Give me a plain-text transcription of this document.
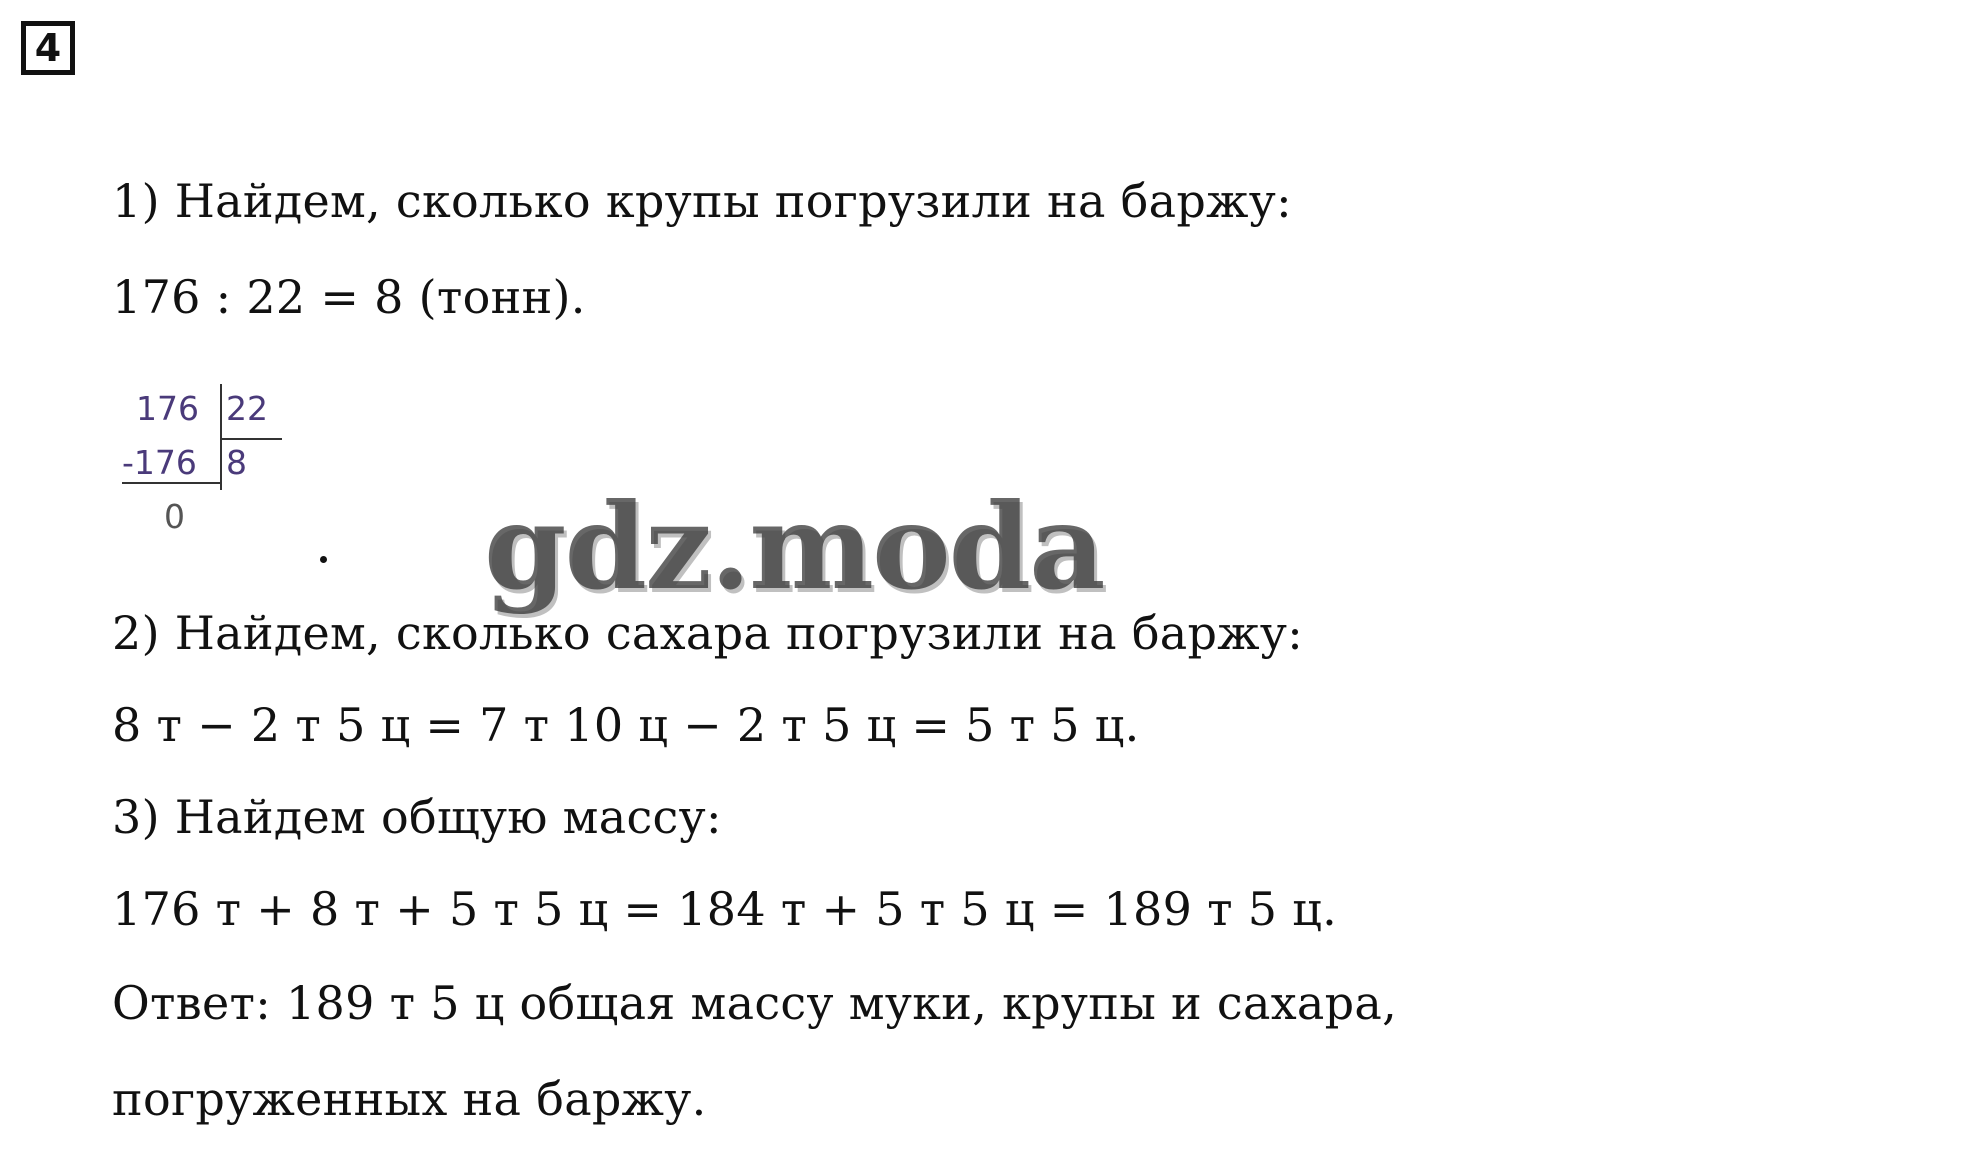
4
1) Найдем, сколько крупы погрузили на баржу:
176 : 22 = 8 (тонн).
176 22
-176 8
0	gdz.moda
2) Найдем, сколько сахара погрузили на баржу:
8 т − 2 т 5 ц = 7 т 10 ц − 2 т 5 ц = 5 т 5 ц.
3) Найдем общую массу:
176 т + 8 т + 5 т 5 ц = 184 т + 5 т 5 ц = 189 т 5 ц.
Ответ: 189 т 5 ц общая массу муки, крупы и сахара,
погруженных на баржу.
